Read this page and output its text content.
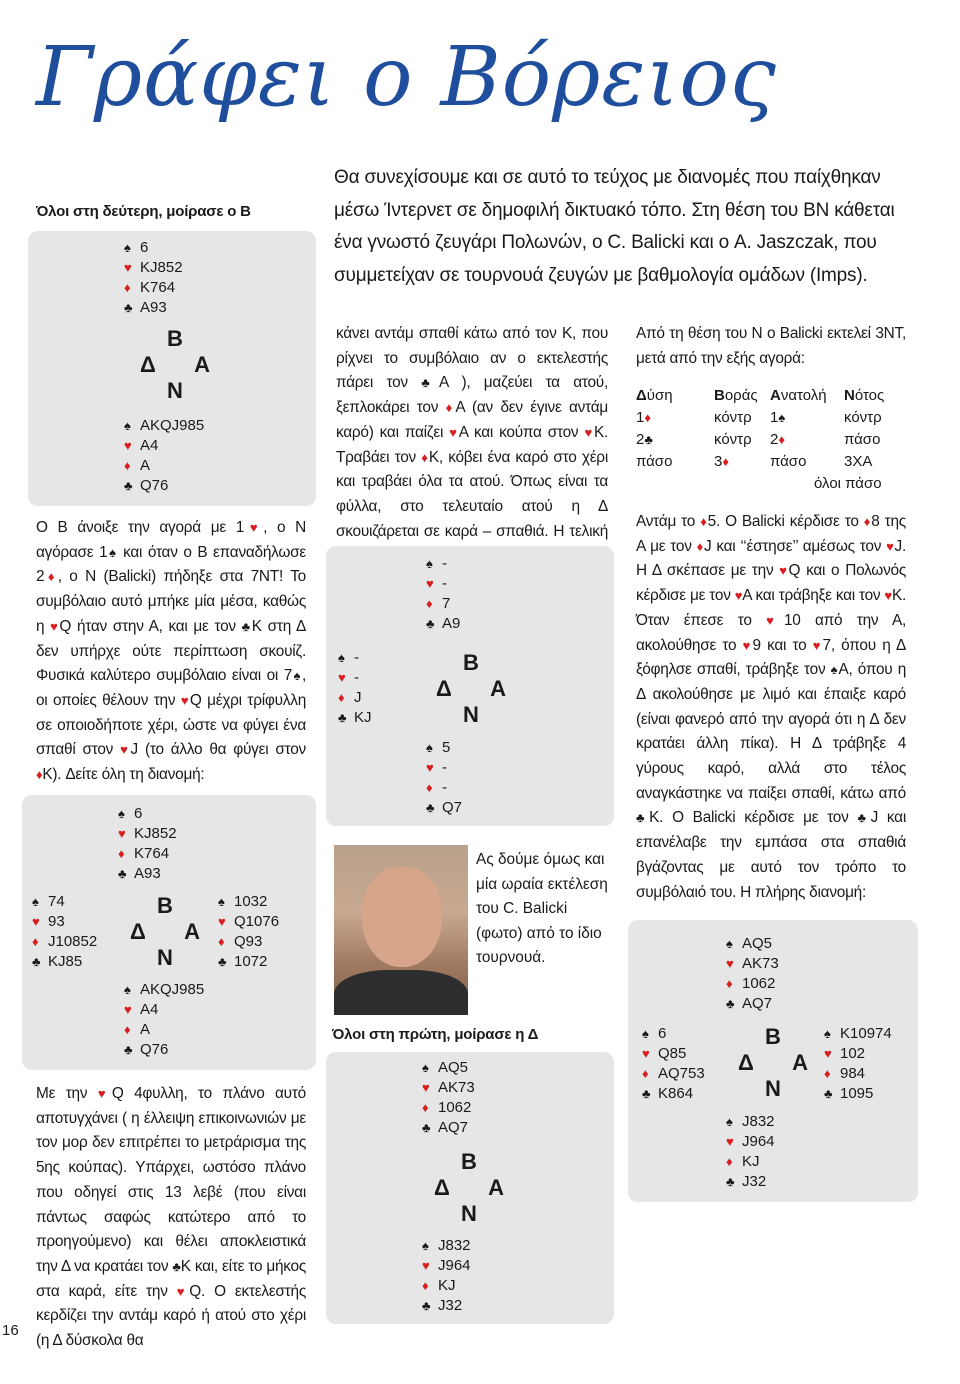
Γράφει ο Βόρειος
Όλοι στη δεύτερη, μοίρασε ο Β
♠ 6
♥ KJ852
♦ K764
♣ A93
Β
Δ Α
Ν
♠ AKQJ985
♥ A4
♦ A
♣ Q76
Ο Β άνοιξε την αγορά με 1♥, ο Ν αγόρασε 1♠ και όταν ο Β επαναδήλωσε 2♦, ο Ν (Balicki) πήδηξε στα 7ΝΤ! Το συμβόλαιο αυτό μπήκε μία μέσα, καθώς η ♥Q ήταν στην Α, και με τον ♣Κ στη Δ δεν υπήρχε ούτε περίπτωση σκουίζ. Φυσικά καλύτερο συμβόλαιο είναι οι 7♠, οι οποίες θέλουν την ♥Q μέχρι τρίφυλλη σε οποιοδήποτε χέρι, ώστε να φύγει ένα σπαθί στον ♥J (το άλλο θα φύγει στον ♦Κ). Δείτε όλη τη διανομή:
♠ 6
♥ KJ852
♦ K764
♣ A93
♠ 74
♥ 93
♦ J10852
♣ KJ85
Β
Δ Α
Ν
♠ 1032
♥ Q1076
♦ Q93
♣ 1072
♠ AKQJ985
♥ A4
♦ A
♣ Q76
Με την ♥Q 4φυλλη, το πλάνο αυτό αποτυγχάνει ( η έλλειψη επικοινωνιών με τον μορ δεν επιτρέπει το μετράρισμα της 5ης κούπας). Υπάρχει, ωστόσο πλάνο που οδηγεί στις 13 λεβέ (που είναι πάντως σαφώς κατώτερο από το προηγούμενο) και θέλει αποκλειστικά την Δ να κρατάει τον ♣Κ και, είτε το μήκος στα καρά, είτε την ♥Q. Ο εκτελεστής κερδίζει την αντάμ καρό ή ατού στο χέρι (η Δ δύσκολα θα
16
Θα συνεχίσουμε και σε αυτό το τεύχος με διανομές που παίχθηκαν μέσω Ίντερνετ σε δημοφιλή δικτυακό τόπο. Στη θέση του ΒΝ κάθεται ένα γνωστό ζευγάρι Πολωνών, ο C. Balicki και ο A. Jaszczak, που συμμετείχαν σε τουρνουά ζευγών με βαθμολογία ομάδων (Imps).
κάνει αντάμ σπαθί κάτω από τον Κ, που ρίχνει το συμβόλαιο αν ο εκτελεστής πάρει τον ♣Α ), μαζεύει τα ατού, ξεπλοκάρει τον ♦Α (αν δεν έγινε αντάμ καρό) και παίζει ♥Α και κούπα στον ♥Κ. Τραβάει τον ♦Κ, κόβει ένα καρό στο χέρι και τραβάει όλα τα ατού. Όπως είναι τα φύλλα, στο τελευταίο ατού η Δ σκουιζάρεται σε καρά – σπαθιά. Η τελική
♠ -
♥ -
♦ 7
♣ A9
♠ -
♥ -
♦ J
♣ KJ
Β
Δ Α
Ν
♠ 5
♥ -
♦ -
♣ Q7
Ας δούμε όμως και μία ωραία εκτέλεση του C. Balicki (φωτο) από το ίδιο τουρνουά.
Όλοι στη πρώτη, μοίρασε η Δ
♠ AQ5
♥ AK73
♦ 1062
♣ AQ7
Β
Δ Α
Ν
♠ J832
♥ J964
♦ KJ
♣ J32
Από τη θέση του Ν ο Balicki εκτελεί 3ΝΤ, μετά από την εξής αγορά:
Δύση	Βοράς	Ανατολή	Νότος
1♦	κόντρ	1♠	κόντρ
2♣	κόντρ	2♦	πάσο
πάσο	3♦	πάσο	3ΧΑ
όλοι πάσο
Αντάμ το ♦5. Ο Balicki κέρδισε το ♦8 της Α με τον ♦J και ‘‘έστησε’’ αμέσως τον ♥J. Η Δ σκέπασε με την ♥Q και ο Πολωνός κέρδισε με τον ♥Α και τράβηξε και τον ♥Κ. Όταν έπεσε το ♥10 από την Α, ακολούθησε το ♥9 και το ♥7, όπου η Δ ξόφηλσε σπαθί, τράβηξε τον ♠Α, όπου η Δ ακολούθησε με λιμό και έπαιξε καρό (είναι φανερό από την αγορά ότι η Δ δεν κρατάει άλλη πίκα). Η Δ τράβηξε 4 γύρους καρό, αλλά στο τέλος αναγκάστηκε να παίξει σπαθί, κάτω από ♣Κ. Ο Balicki κέρδισε με τον ♣J και επανέλαβε την εμπάσα στα σπαθιά βγάζοντας με αυτό τον τρόπο το συμβόλαιό του. Η πλήρης διανομή:
♠ AQ5
♥ AK73
♦ 1062
♣ AQ7
♠ 6
♥ Q85
♦ AQ753
♣ K864
Β
Δ Α
Ν
♠ K10974
♥ 102
♦ 984
♣ 1095
♠ J832
♥ J964
♦ KJ
♣ J32
